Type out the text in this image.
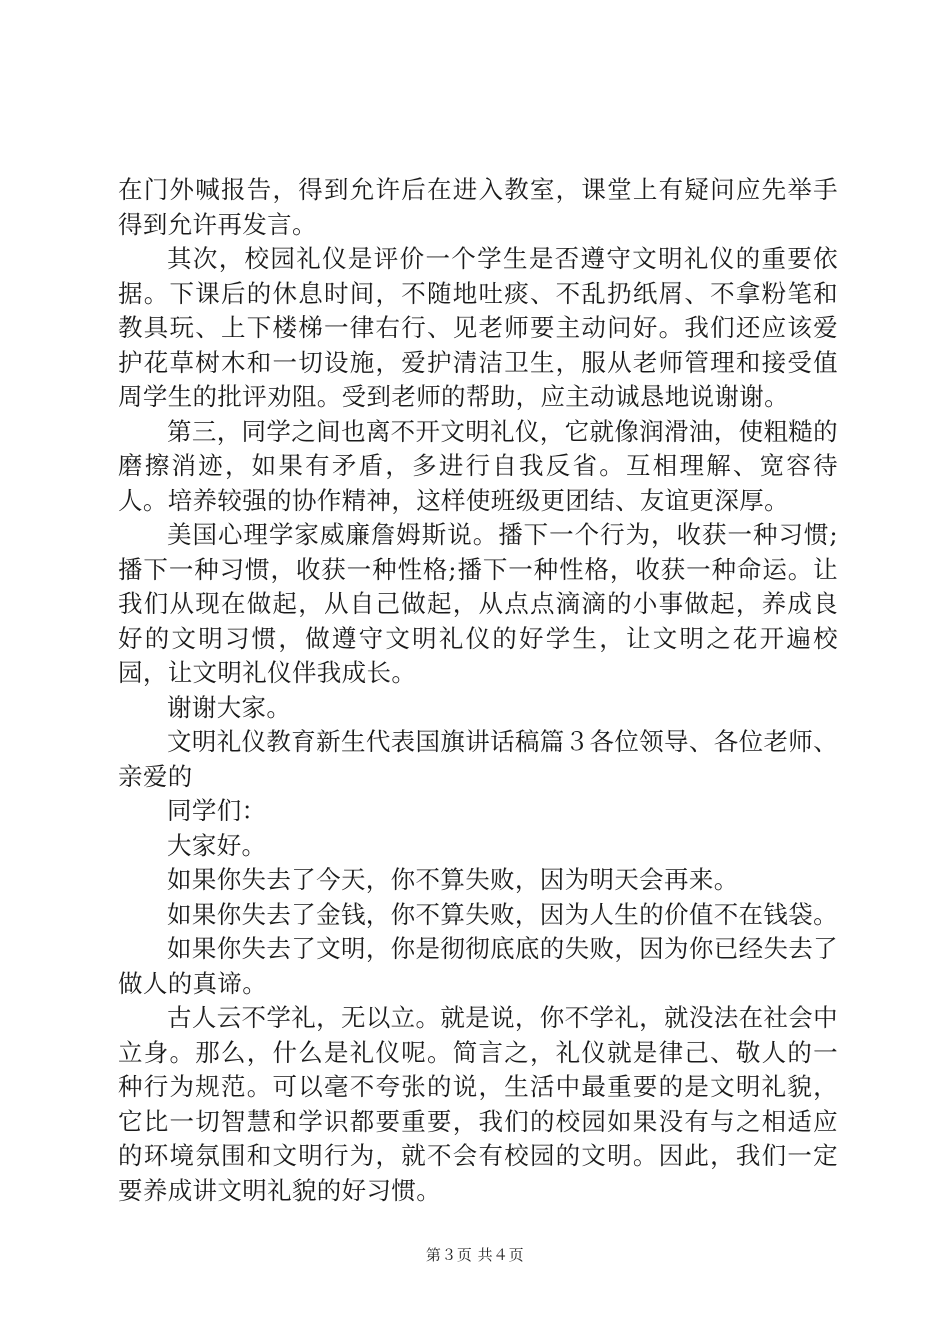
在门外喊报告，得到允许后在进入教室，课堂上有疑问应先举手得到允许再发言。

其次，校园礼仪是评价一个学生是否遵守文明礼仪的重要依据。下课后的休息时间，不随地吐痰、不乱扔纸屑、不拿粉笔和教具玩、上下楼梯一律右行、见老师要主动问好。我们还应该爱护花草树木和一切设施，爱护清洁卫生，服从老师管理和接受值周学生的批评劝阻。受到老师的帮助，应主动诚恳地说谢谢。

第三，同学之间也离不开文明礼仪，它就像润滑油，使粗糙的磨擦消迹，如果有矛盾，多进行自我反省。互相理解、宽容待人。培养较强的协作精神，这样使班级更团结、友谊更深厚。

美国心理学家威廉詹姆斯说。播下一个行为，收获一种习惯;播下一种习惯，收获一种性格;播下一种性格，收获一种命运。让我们从现在做起，从自己做起，从点点滴滴的小事做起，养成良好的文明习惯，做遵守文明礼仪的好学生，让文明之花开遍校园，让文明礼仪伴我成长。

谢谢大家。

文明礼仪教育新生代表国旗讲话稿篇３各位领导、各位老师、亲爱的

同学们：

大家好。

如果你失去了今天，你不算失败，因为明天会再来。

如果你失去了金钱，你不算失败，因为人生的价值不在钱袋。

如果你失去了文明，你是彻彻底底的失败，因为你已经失去了做人的真谛。

古人云不学礼，无以立。就是说，你不学礼，就没法在社会中立身。那么，什么是礼仪呢。简言之，礼仪就是律己、敬人的一种行为规范。可以毫不夸张的说，生活中最重要的是文明礼貌，它比一切智慧和学识都要重要，我们的校园如果没有与之相适应的环境氛围和文明行为，就不会有校园的文明。因此，我们一定要养成讲文明礼貌的好习惯。

第３页 共４页
